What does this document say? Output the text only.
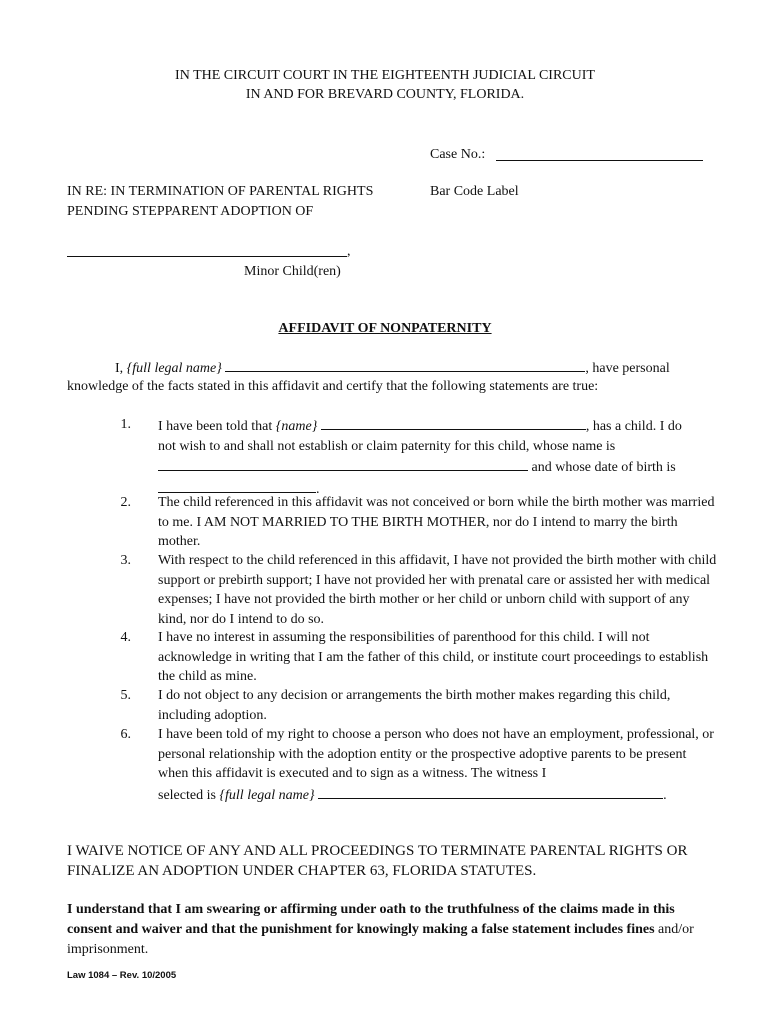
IN THE CIRCUIT COURT IN THE EIGHTEENTH JUDICIAL CIRCUIT
IN AND FOR BREVARD COUNTY, FLORIDA.
Case No.:
IN RE: IN TERMINATION OF PARENTAL RIGHTS
PENDING STEPPARENT ADOPTION OF
Bar Code Label
,
Minor Child(ren)
AFFIDAVIT OF NONPATERNITY
I, {full legal name}	, have personal
knowledge of the facts stated in this affidavit and certify that the following statements are true:
1. I have been told that {name}	, has a child. I do
not wish to and shall not establish or claim paternity for this child, whose name is
and whose date of birth is
.
2. The child referenced in this affidavit was not conceived or born while the birth mother was married to me. I AM NOT MARRIED TO THE BIRTH MOTHER, nor do I intend to marry the birth mother.
3. With respect to the child referenced in this affidavit, I have not provided the birth mother with child support or prebirth support; I have not provided her with prenatal care or assisted her with medical expenses; I have not provided the birth mother or her child or unborn child with support of any kind, nor do I intend to do so.
4. I have no interest in assuming the responsibilities of parenthood for this child. I will not acknowledge in writing that I am the father of this child, or institute court proceedings to establish the child as mine.
5. I do not object to any decision or arrangements the birth mother makes regarding this child, including adoption.
6. I have been told of my right to choose a person who does not have an employment, professional, or personal relationship with the adoption entity or the prospective adoptive parents to be present when this affidavit is executed and to sign as a witness. The witness I
selected is {full legal name}	.
I WAIVE NOTICE OF ANY AND ALL PROCEEDINGS TO TERMINATE PARENTAL RIGHTS OR FINALIZE AN ADOPTION UNDER CHAPTER 63, FLORIDA STATUTES.
I understand that I am swearing or affirming under oath to the truthfulness of the claims made in this consent and waiver and that the punishment for knowingly making a false statement includes fines and/or imprisonment.
Law 1084 – Rev. 10/2005
